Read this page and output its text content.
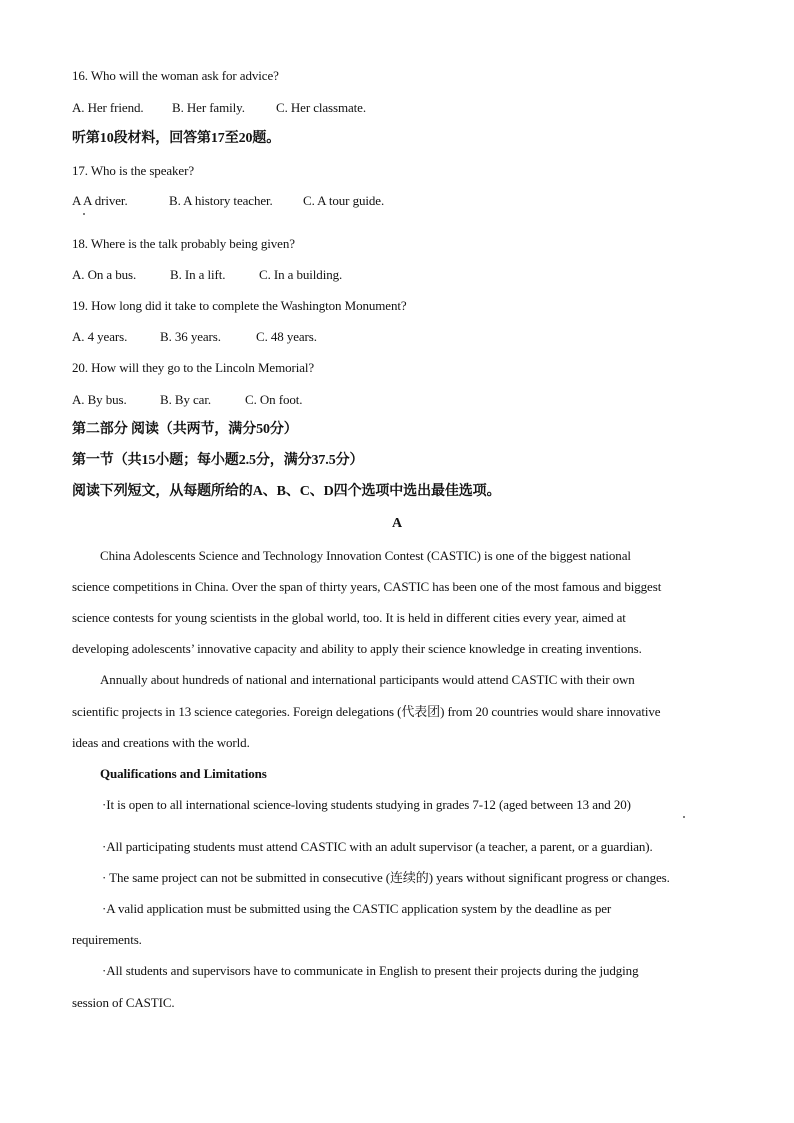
16. Who will the woman ask for advice?
A. Her friend. B. Her family. C. Her classmate.
听第10段材料，回答第17至20题。
17. Who is the speaker?
A A driver.	B. A history teacher. C. A tour guide.
18. Where is the talk probably being given?
A. On a bus.	B. In a lift.	C. In a building.
19. How long did it take to complete the Washington Monument?
A. 4 years.	B. 36 years.	C. 48 years.
20. How will they go to the Lincoln Memorial?
A. By bus.	B. By car.	C. On foot.
第二部分 阅读（共两节，满分50分）
第一节（共15小题；每小题2.5分，满分37.5分）
阅读下列短文，从每题所给的A、B、C、D四个选项中选出最佳选项。
A
China Adolescents Science and Technology Innovation Contest (CASTIC) is one of the biggest national
science competitions in China. Over the span of thirty years, CASTIC has been one of the most famous and biggest
science contests for young scientists in the global world, too. It is held in different cities every year, aimed at
developing adolescents’ innovative capacity and ability to apply their science knowledge in creating inventions.
Annually about hundreds of national and international participants would attend CASTIC with their own
scientific projects in 13 science categories. Foreign delegations (代表团) from 20 countries would share innovative
ideas and creations with the world.
Qualifications and Limitations
·It is open to all international science-loving students studying in grades 7-12 (aged between 13 and 20)
·All participating students must attend CASTIC with an adult supervisor (a teacher, a parent, or a guardian).
· The same project can not be submitted in consecutive (连续的) years without significant progress or changes.
·A valid application must be submitted using the CASTIC application system by the deadline as per
requirements.
·All students and supervisors have to communicate in English to present their projects during the judging
session of CASTIC.
